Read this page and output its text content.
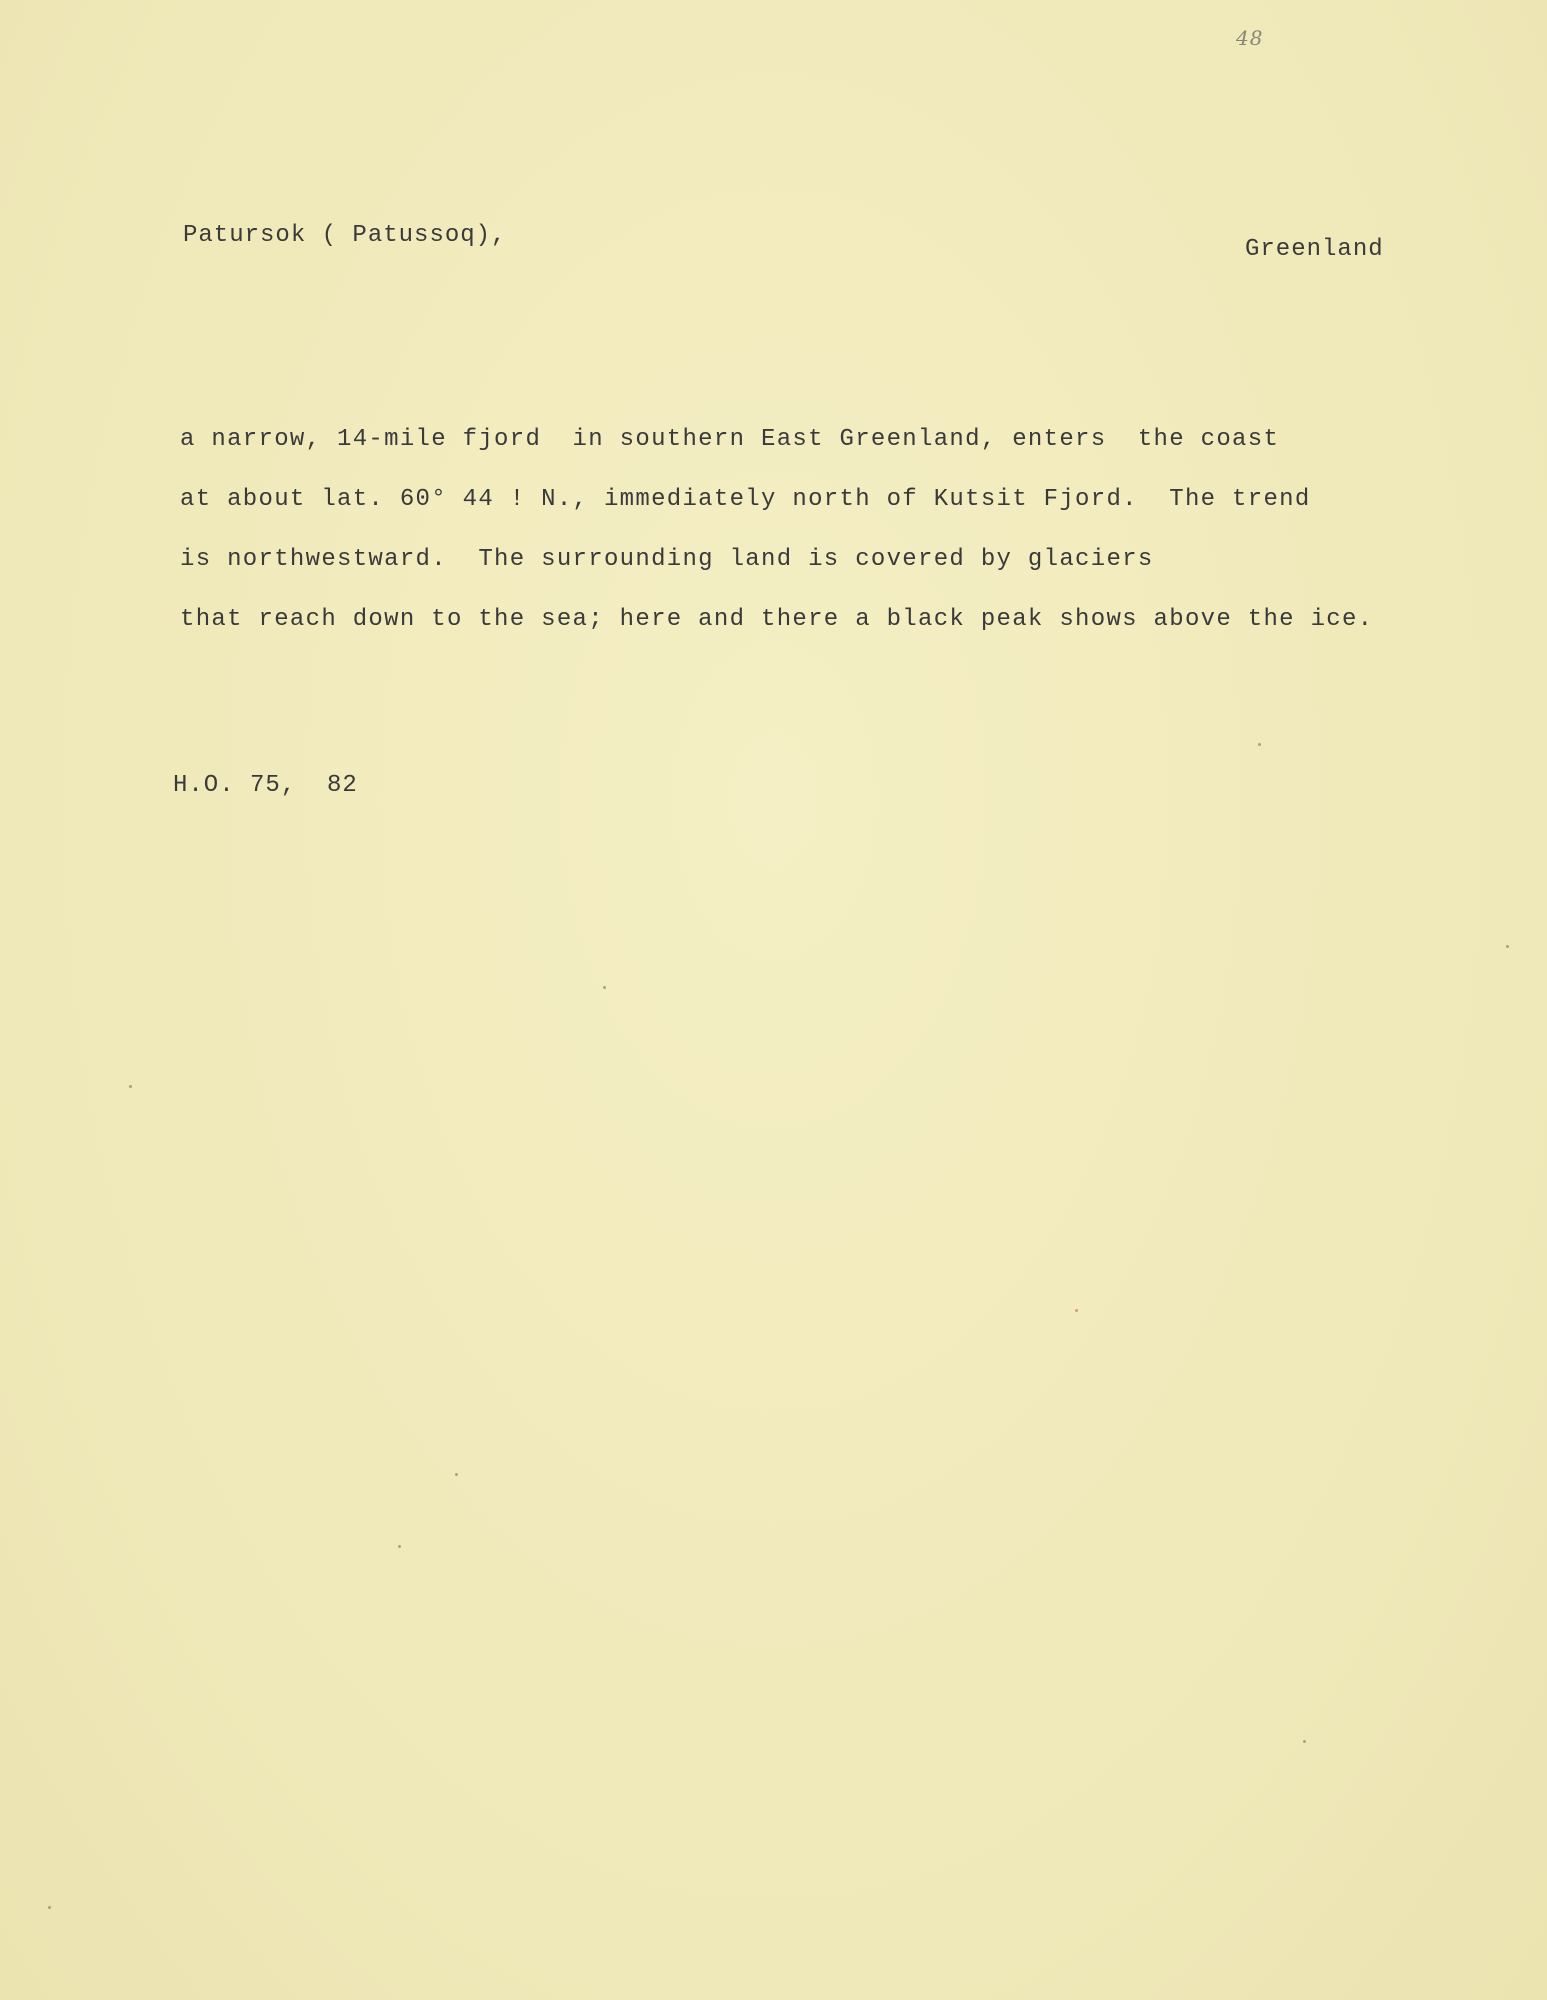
48
Patursok ( Patussoq),
Greenland
a narrow, 14-mile fjord  in southern East Greenland, enters  the coast
at about lat. 60° 44 ! N., immediately north of Kutsit Fjord.  The trend
is northwestward.  The surrounding land is covered by glaciers
that reach down to the sea; here and there a black peak shows above the ice.
H.O. 75,  82
